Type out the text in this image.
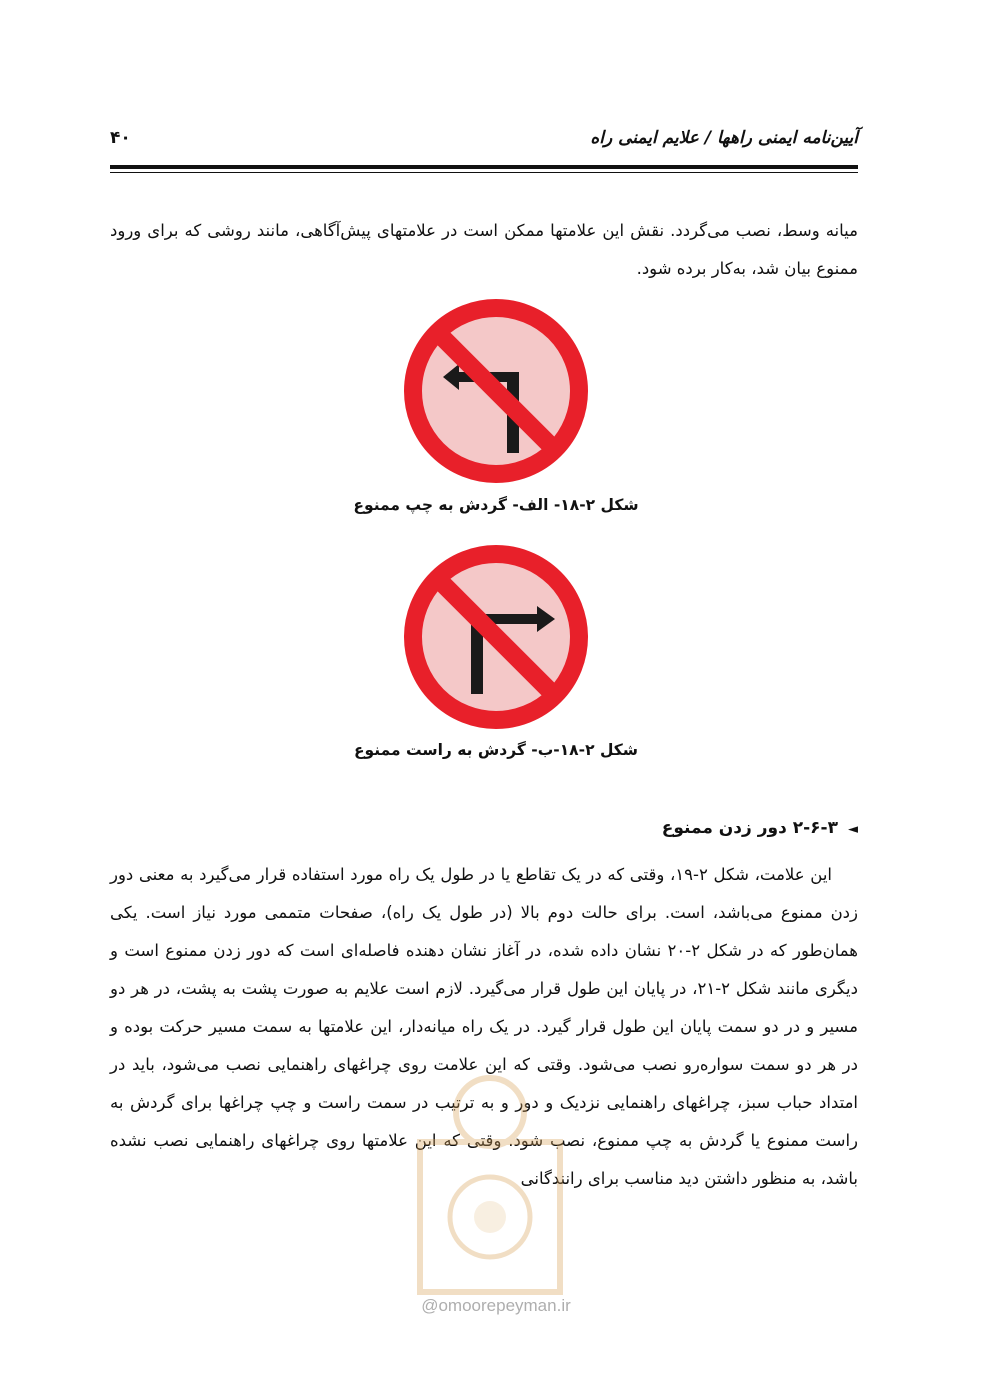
آیین‌نامه ایمنی راهها / علایم ایمنی راه
۴۰

میانه وسط، نصب می‌گردد. نقش این علامتها ممکن است در علامتهای پیش‌آگاهی، مانند روشی که برای ورود ممنوع بیان شد، به‌کار برده شود.

شکل ۲-۱۸- الف- گردش به چپ ممنوع
شکل ۲-۱۸-ب- گردش به راست ممنوع
◄۲-۶-۳ دور زدن ممنوع

این علامت، شکل ۲-۱۹، وقتی که در یک تقاطع یا در طول یک راه مورد استفاده قرار می‌گیرد به معنی دور زدن ممنوع می‌باشد، است. برای حالت دوم بالا (در طول یک راه)، صفحات متممی مورد نیاز است. یکی همان‌طور که در شکل ۲-۲۰ نشان داده شده، در آغاز نشان دهنده فاصله‌ای است که دور زدن ممنوع است و دیگری مانند شکل ۲-۲۱، در پایان این طول قرار می‌گیرد. لازم است علایم به صورت پشت به پشت، در هر دو مسیر و در دو سمت پایان این طول قرار گیرد. در یک راه میانه‌دار، این علامتها به سمت مسیر حرکت بوده و در هر دو سمت سواره‌رو نصب می‌شود. وقتی که این علامت روی چراغهای راهنمایی نصب می‌شود، باید در امتداد حباب سبز، چراغهای راهنمایی نزدیک و دور و به ترتیب در سمت راست و چپ چراغها برای گردش به راست ممنوع یا گردش به چپ ممنوع، نصب شود. وقتی که این علامتها روی چراغهای راهنمایی نصب نشده باشد، به منظور داشتن دید مناسب برای رانندگانی

@omoorepeyman.ir
